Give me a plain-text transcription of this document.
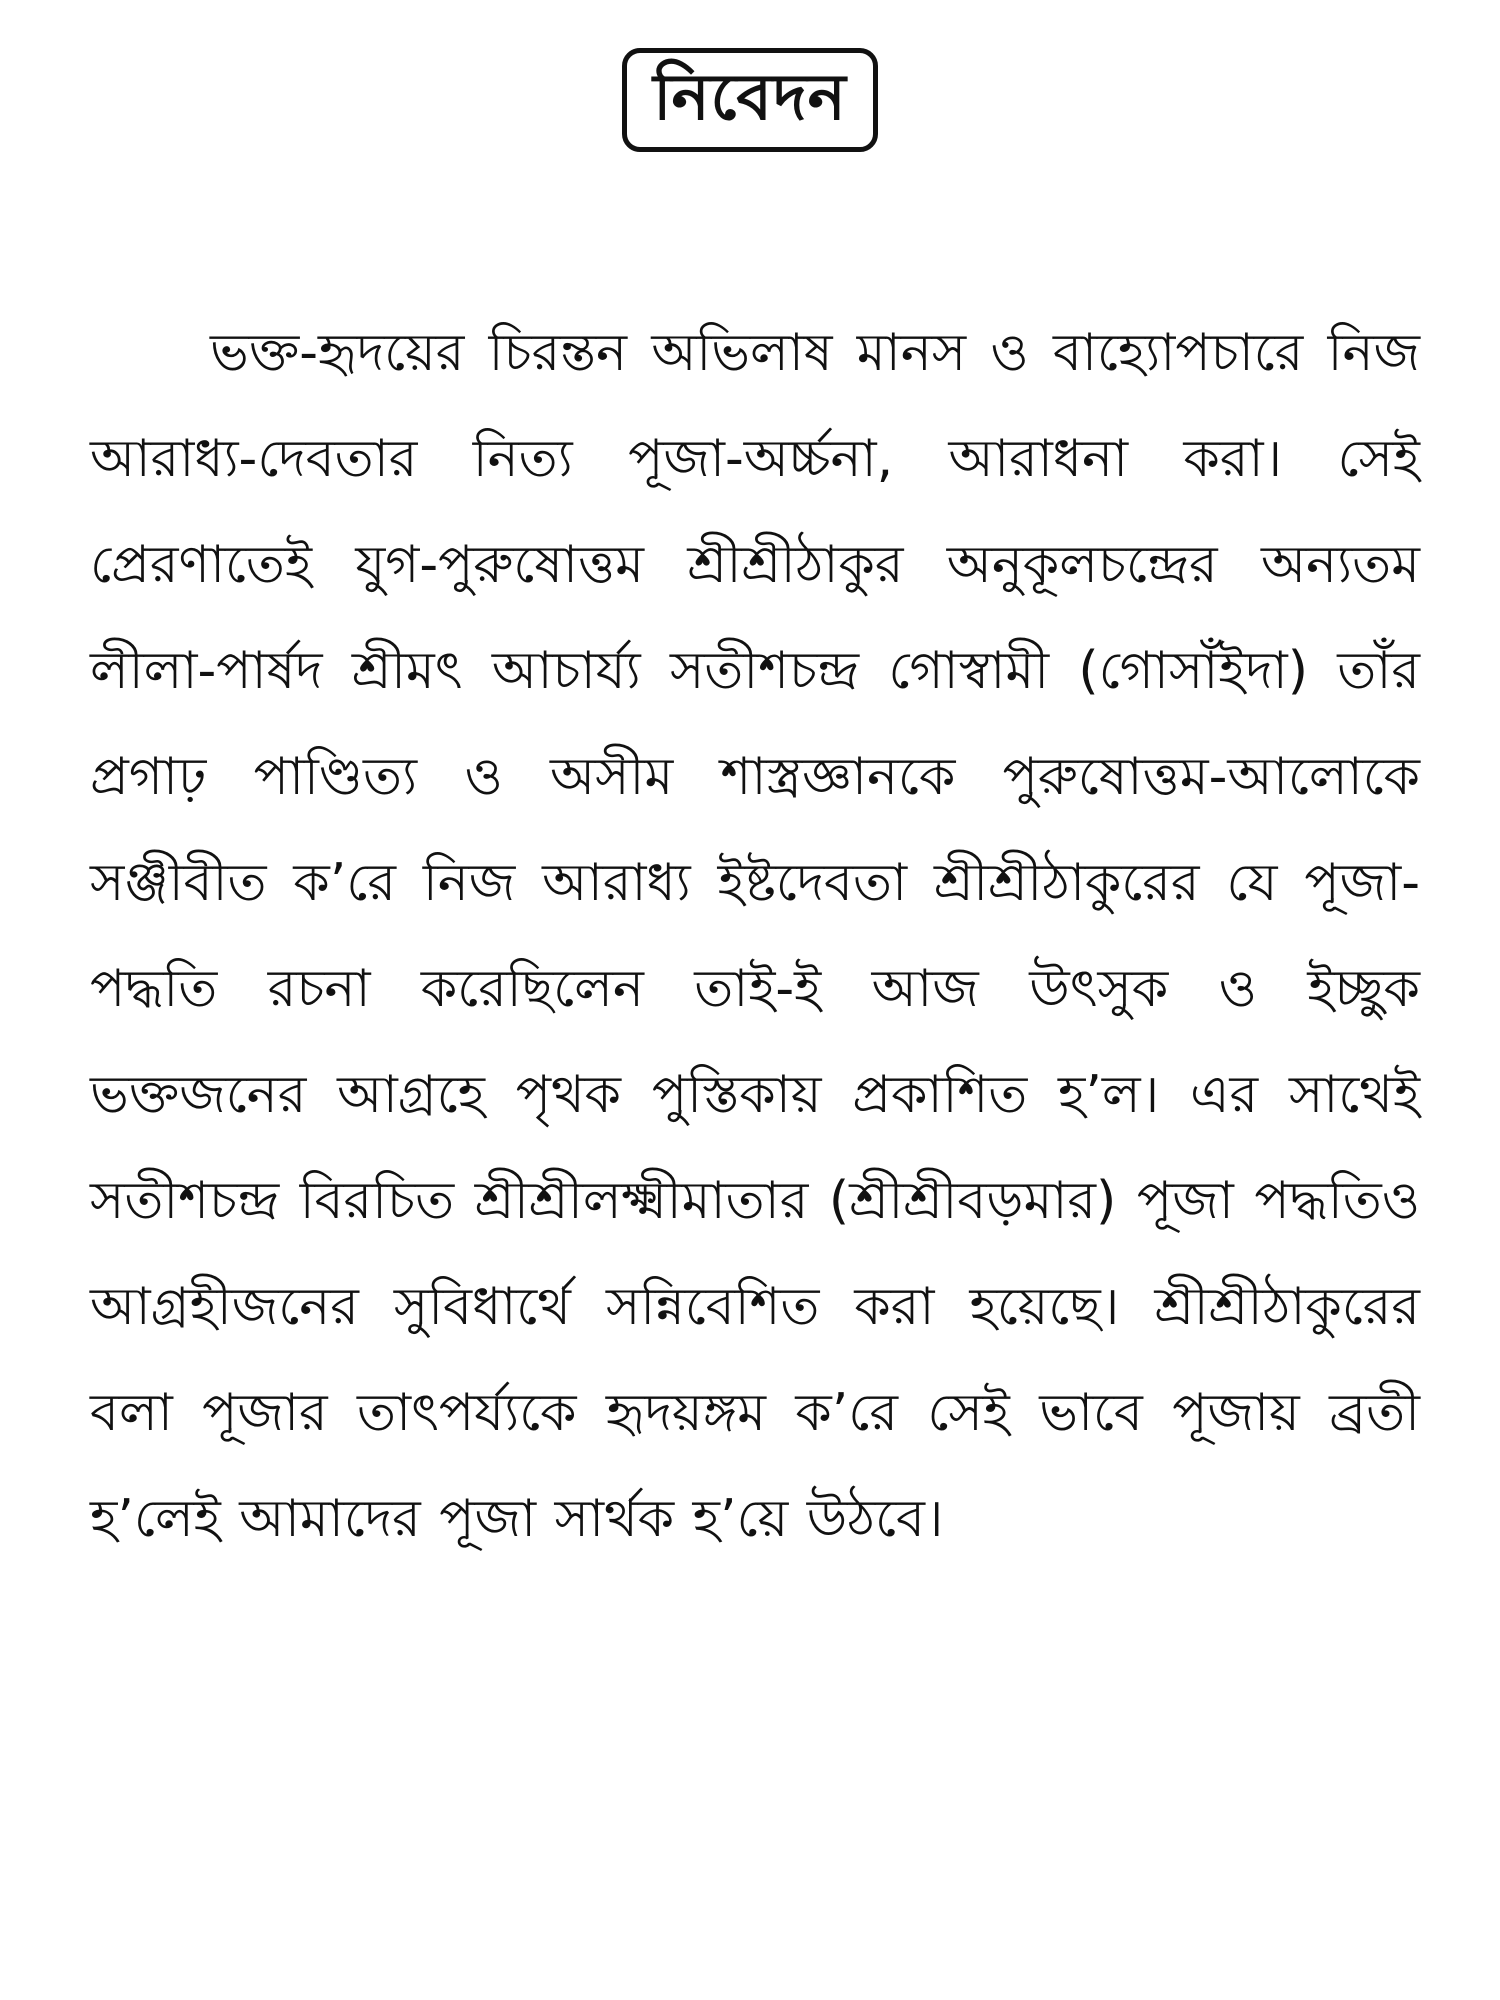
নিবেদন

ভক্ত-হৃদয়ের চিরন্তন অভিলাষ মানস ও বাহ্যোপচারে নিজ আরাধ্য-দেবতার নিত্য পূজা-অর্চ্চনা, আরাধনা করা। সেই প্রেরণাতেই যুগ-পুরুষোত্তম শ্রীশ্রীঠাকুর অনুকূলচন্দ্রের অন্যতম লীলা-পার্ষদ শ্রীমৎ আচার্য্য সতীশচন্দ্র গোস্বামী (গোসাঁইদা) তাঁর প্রগাঢ় পাণ্ডিত্য ও অসীম শাস্ত্রজ্ঞানকে পুরুষোত্তম-আলোকে সঞ্জীবীত ক’রে নিজ আরাধ্য ইষ্টদেবতা শ্রীশ্রীঠাকুরের যে পূজা-পদ্ধতি রচনা করেছিলেন তাই-ই আজ উৎসুক ও ইচ্ছুক ভক্তজনের আগ্রহে পৃথক পুস্তিকায় প্রকাশিত হ’ল। এর সাথেই সতীশচন্দ্র বিরচিত শ্রীশ্রীলক্ষ্মীমাতার (শ্রীশ্রীবড়মার) পূজা পদ্ধতিও আগ্রহীজনের সুবিধার্থে সন্নিবেশিত করা হয়েছে। শ্রীশ্রীঠাকুরের বলা পূজার তাৎপর্য্যকে হৃদয়ঙ্গম ক’রে সেই ভাবে পূজায় ব্রতী হ’লেই আমাদের পূজা সার্থক হ’য়ে উঠবে।
